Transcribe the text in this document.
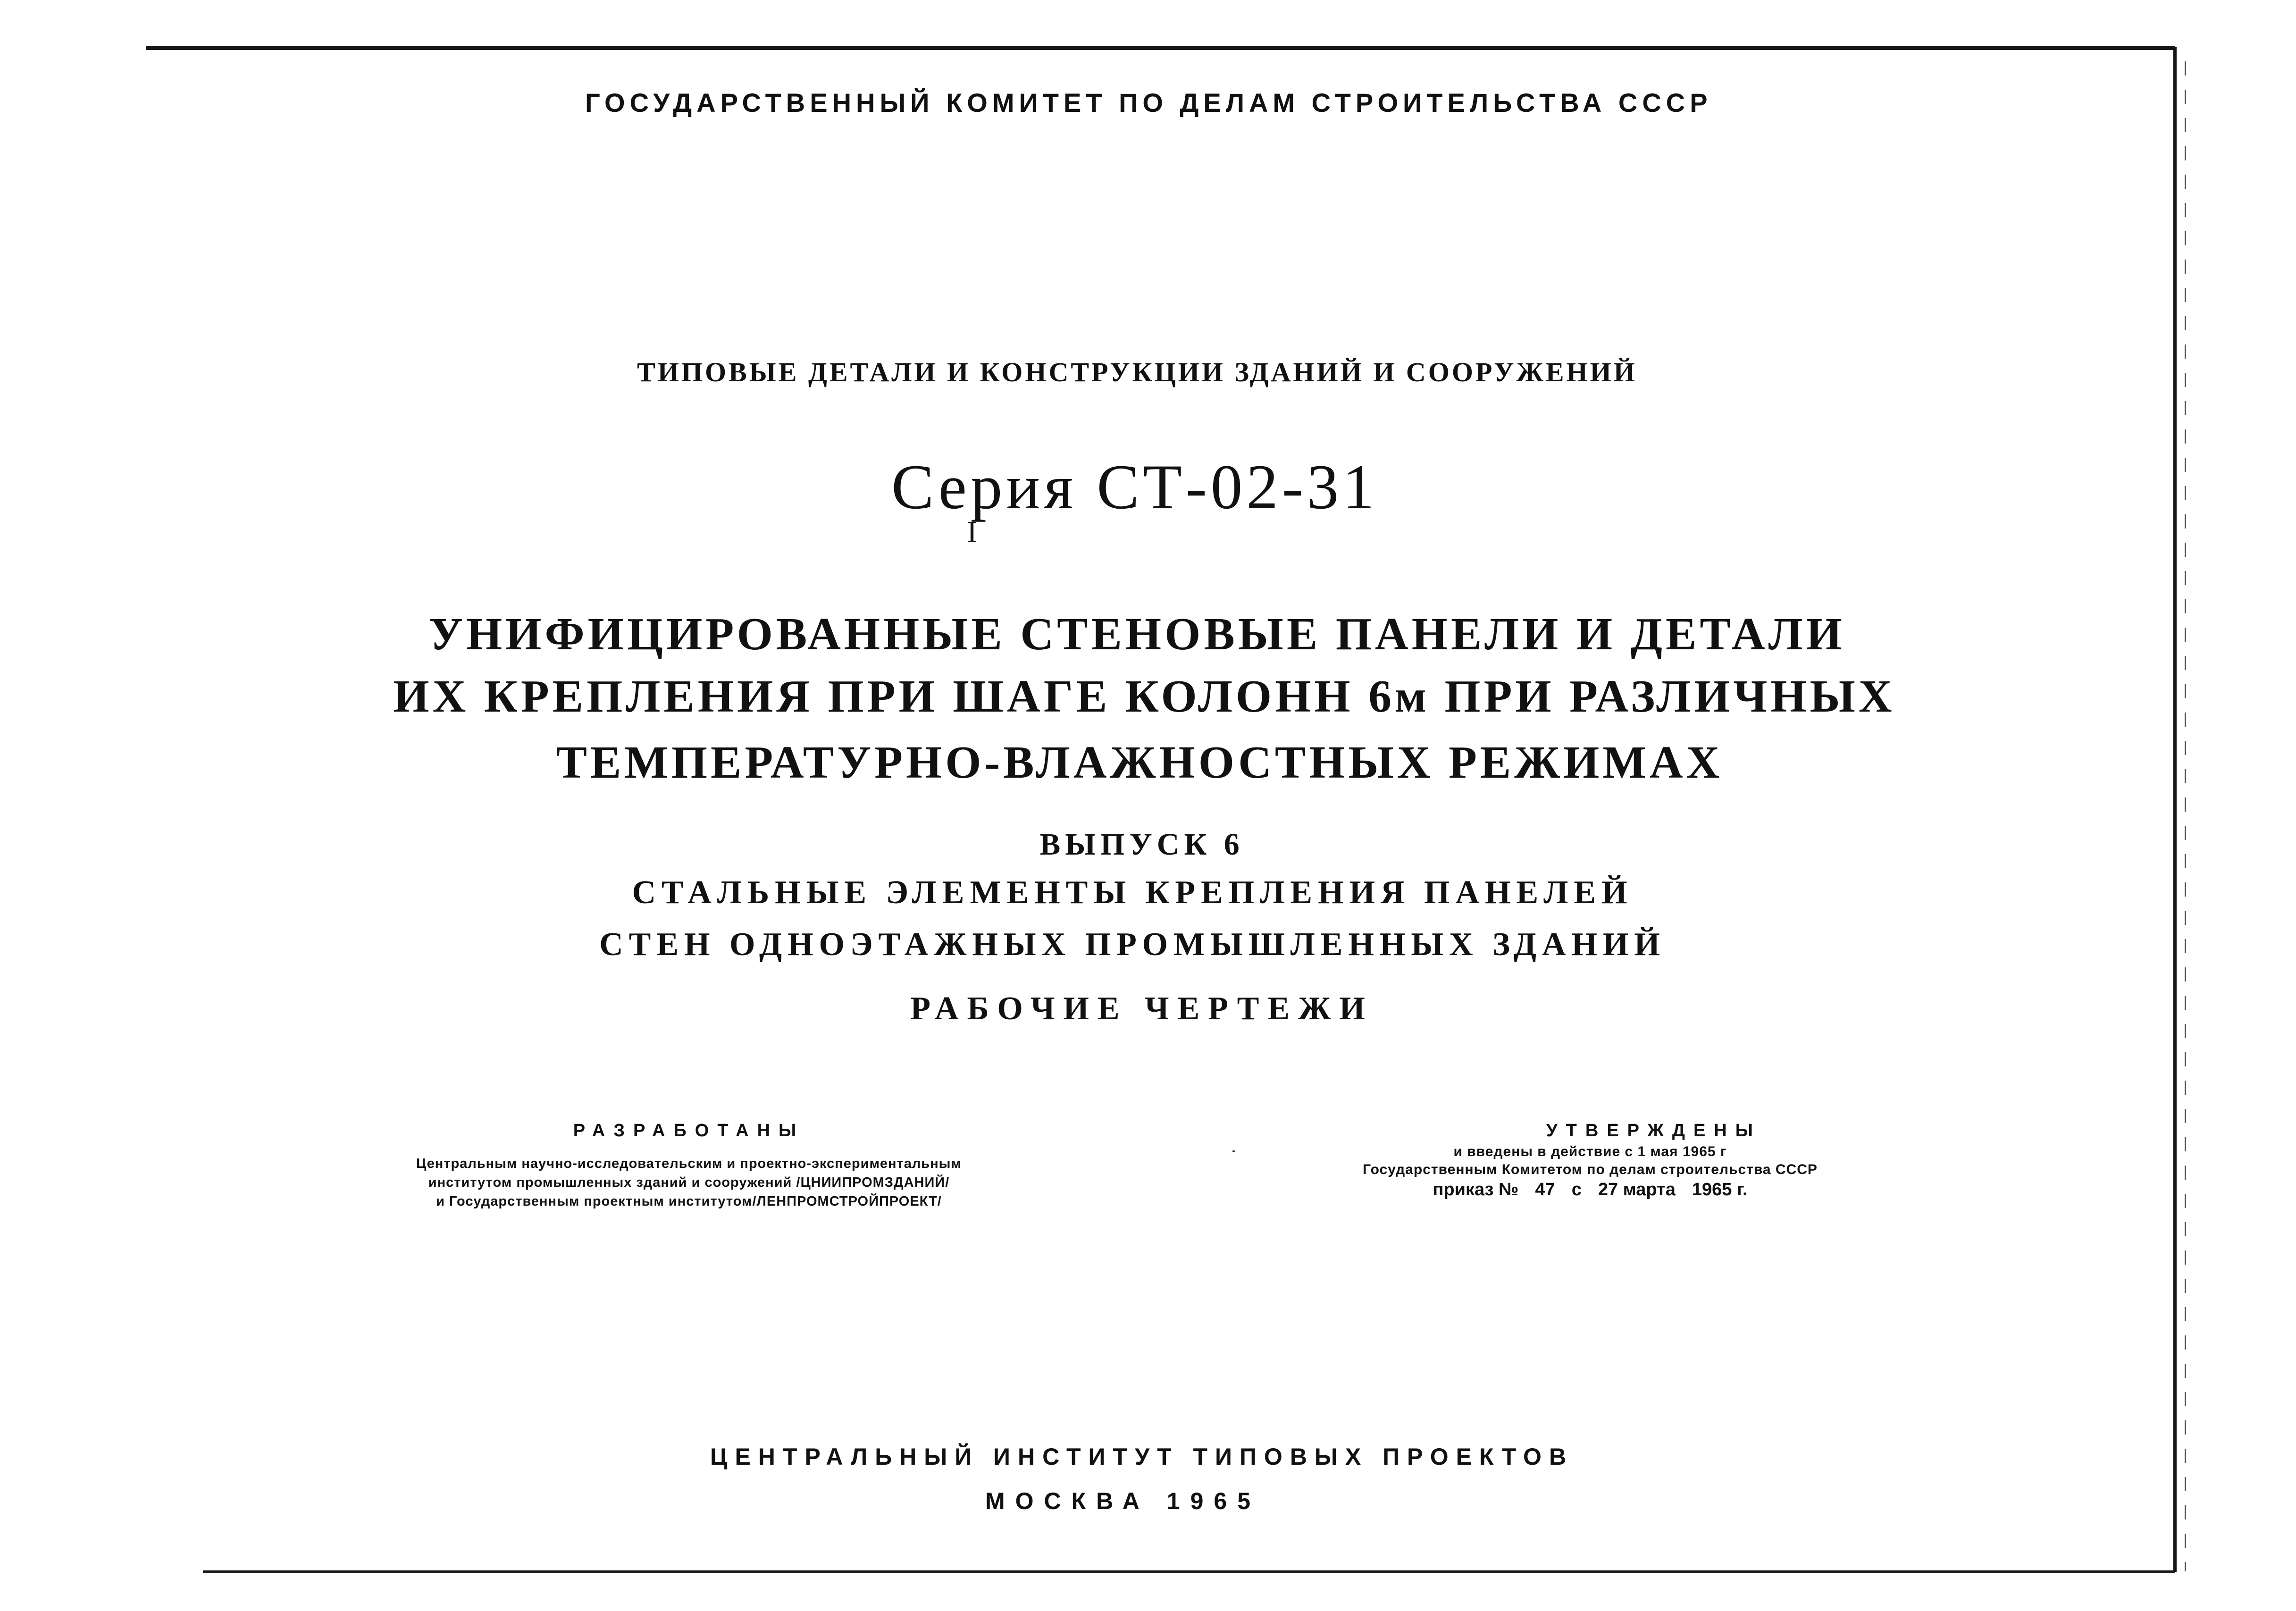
ГОСУДАРСТВЕННЫЙ КОМИТЕТ ПО ДЕЛАМ СТРОИТЕЛЬСТВА СССР
ТИПОВЫЕ ДЕТАЛИ И КОНСТРУКЦИИ ЗДАНИЙ И СООРУЖЕНИЙ
Серия СТ-02-31
I
УНИФИЦИРОВАННЫЕ СТЕНОВЫЕ ПАНЕЛИ И ДЕТАЛИ
ИХ КРЕПЛЕНИЯ ПРИ ШАГЕ КОЛОНН 6м ПРИ РАЗЛИЧНЫХ
ТЕМПЕРАТУРНО-ВЛАЖНОСТНЫХ РЕЖИМАХ
ВЫПУСК 6
СТАЛЬНЫЕ ЭЛЕМЕНТЫ КРЕПЛЕНИЯ ПАНЕЛЕЙ
СТЕН ОДНОЭТАЖНЫХ ПРОМЫШЛЕННЫХ ЗДАНИЙ
РАБОЧИЕ ЧЕРТЕЖИ
РАЗРАБОТАНЫ
Центральным научно-исследовательским и проектно-экспериментальным
институтом промышленных зданий и сооружений /ЦНИИПРОМЗДАНИЙ/
и Государственным проектным институтом/ЛЕНПРОМСТРОЙПРОЕКТ/
УТВЕРЖДЕНЫ
и введены в действие с 1 мая 1965 г
Государственным Комитетом по делам строительства СССР
приказ № 47 с 27 марта 1965 г.
ЦЕНТРАЛЬНЫЙ ИНСТИТУТ ТИПОВЫХ ПРОЕКТОВ
МОСКВА 1965
